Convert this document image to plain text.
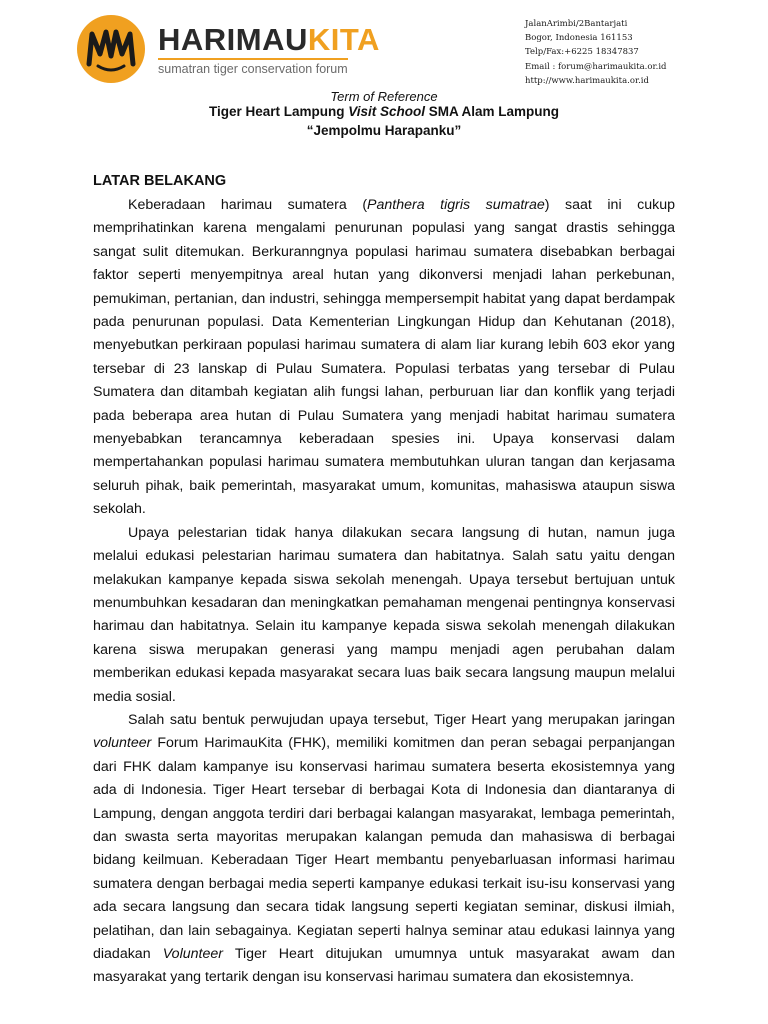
HARIMAUKITA
sumatran tiger conservation forum
JalanArimbi/2Bantarjati
Bogor, Indonesia 161153
Telp/Fax:+6225 18347837
Email : forum@harimaukita.or.id
http://www.harimaukita.or.id
Term of Reference
Tiger Heart Lampung Visit School SMA Alam Lampung
“Jempolmu Harapanku”
LATAR BELAKANG

Keberadaan harimau sumatera (Panthera tigris sumatrae) saat ini cukup memprihatinkan karena mengalami penurunan populasi yang sangat drastis sehingga sangat sulit ditemukan. Berkuranngnya populasi harimau sumatera disebabkan berbagai faktor seperti menyempitnya areal hutan yang dikonversi menjadi lahan perkebunan, pemukiman, pertanian, dan industri, sehingga mempersempit habitat yang dapat berdampak pada penurunan populasi. Data Kementerian Lingkungan Hidup dan Kehutanan (2018), menyebutkan perkiraan populasi harimau sumatera di alam liar kurang lebih 603 ekor yang tersebar di 23 lanskap di Pulau Sumatera. Populasi terbatas yang tersebar di Pulau Sumatera dan ditambah kegiatan alih fungsi lahan, perburuan liar dan konflik yang terjadi pada beberapa area hutan di Pulau Sumatera yang menjadi habitat harimau sumatera menyebabkan terancamnya keberadaan spesies ini. Upaya konservasi dalam mempertahankan populasi harimau sumatera membutuhkan uluran tangan dan kerjasama seluruh pihak, baik pemerintah, masyarakat umum, komunitas, mahasiswa ataupun siswa sekolah.

Upaya pelestarian tidak hanya dilakukan secara langsung di hutan, namun juga melalui edukasi pelestarian harimau sumatera dan habitatnya. Salah satu yaitu dengan melakukan kampanye kepada siswa sekolah menengah. Upaya tersebut bertujuan untuk menumbuhkan kesadaran dan meningkatkan pemahaman mengenai pentingnya konservasi harimau dan habitatnya. Selain itu kampanye kepada siswa sekolah menengah dilakukan karena siswa merupakan generasi yang mampu menjadi agen perubahan dalam memberikan edukasi kepada masyarakat secara luas baik secara langsung maupun melalui media sosial.

Salah satu bentuk perwujudan upaya tersebut, Tiger Heart yang merupakan jaringan volunteer Forum HarimauKita (FHK), memiliki komitmen dan peran sebagai perpanjangan dari FHK dalam kampanye isu konservasi harimau sumatera beserta ekosistemnya yang ada di Indonesia. Tiger Heart tersebar di berbagai Kota di Indonesia dan diantaranya di Lampung, dengan anggota terdiri dari berbagai kalangan masyarakat, lembaga pemerintah, dan swasta serta mayoritas merupakan kalangan pemuda dan mahasiswa di berbagai bidang keilmuan. Keberadaan Tiger Heart membantu penyebarluasan informasi harimau sumatera dengan berbagai media seperti kampanye edukasi terkait isu-isu konservasi yang ada secara langsung dan secara tidak langsung seperti kegiatan seminar, diskusi ilmiah, pelatihan, dan lain sebagainya. Kegiatan seperti halnya seminar atau edukasi lainnya yang diadakan Volunteer Tiger Heart ditujukan umumnya untuk masyarakat awam dan masyarakat yang tertarik dengan isu konservasi harimau sumatera dan ekosistemnya.
